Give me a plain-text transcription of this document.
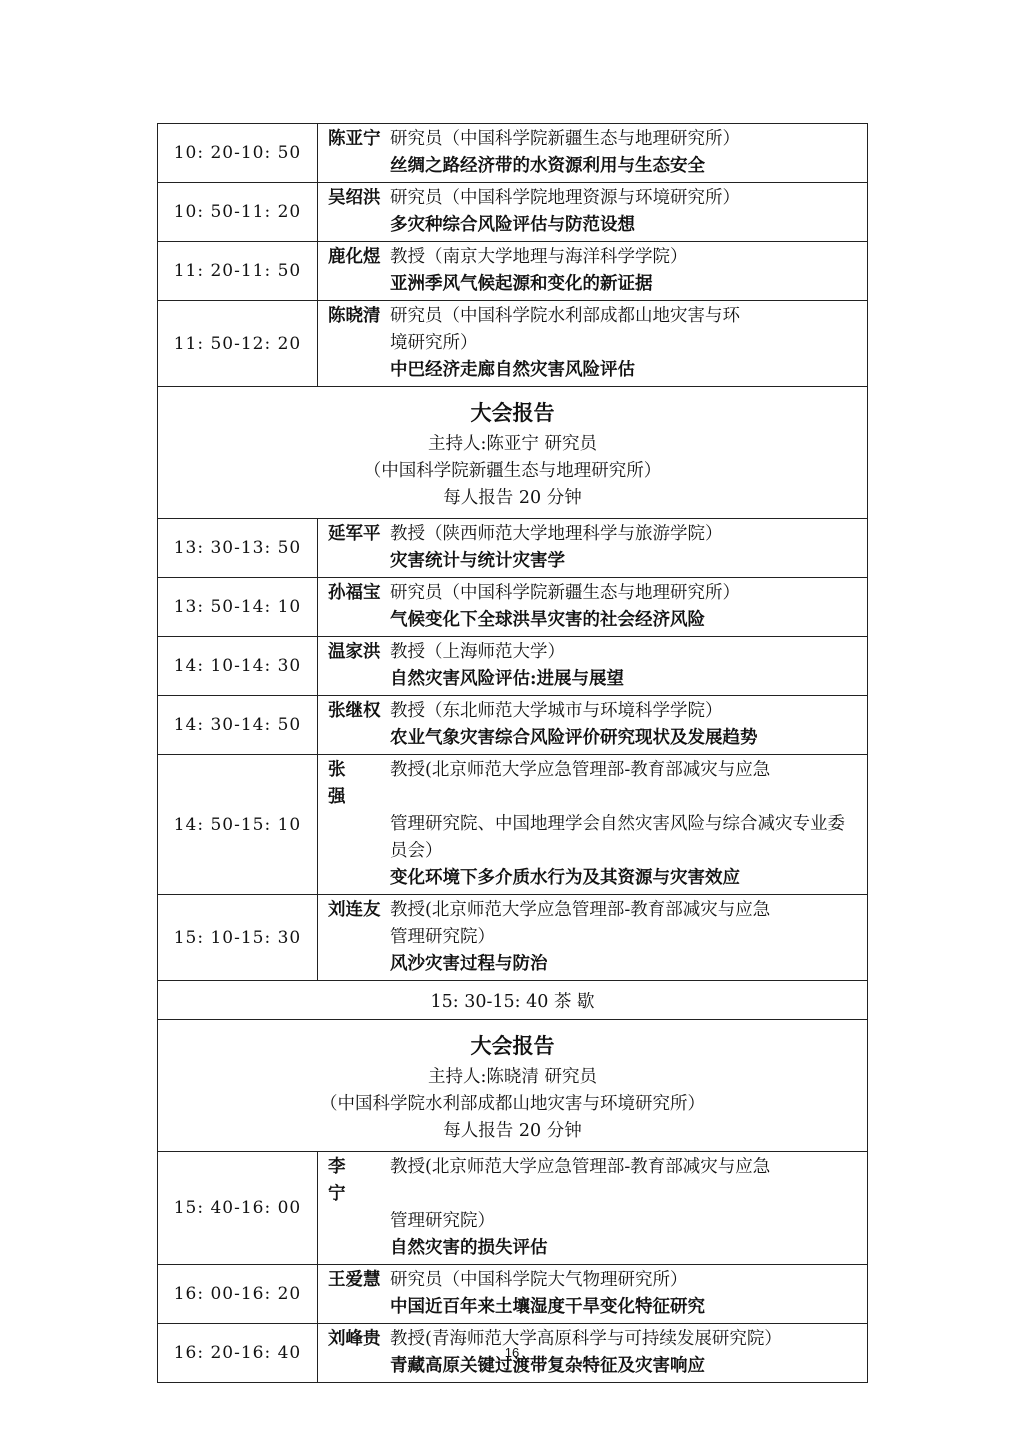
10: 20-10: 50	陈亚宁 研究员（中国科学院新疆生态与地理研究所）
丝绸之路经济带的水资源利用与生态安全

10: 50-11: 20	吴绍洪 研究员（中国科学院地理资源与环境研究所）
多灾种综合风险评估与防范设想

11: 20-11: 50	鹿化煜 教授（南京大学地理与海洋科学学院）
亚洲季风气候起源和变化的新证据

11: 50-12: 20	陈晓清 研究员（中国科学院水利部成都山地灾害与环
境研究所）
中巴经济走廊自然灾害风险评估

大会报告
主持人:陈亚宁 研究员
（中国科学院新疆生态与地理研究所）
每人报告 20 分钟	

13: 30-13: 50	延军平 教授（陕西师范大学地理科学与旅游学院）
灾害统计与统计灾害学

13: 50-14: 10	孙福宝 研究员（中国科学院新疆生态与地理研究所）
气候变化下全球洪旱灾害的社会经济风险

14: 10-14: 30	温家洪 教授（上海师范大学）
自然灾害风险评估:进展与展望

14: 30-14: 50	张继权 教授（东北师范大学城市与环境科学学院）
农业气象灾害综合风险评价研究现状及发展趋势

14: 50-15: 10	张 强
教授(北京师范大学应急管理部-教育部减灾与应急
管理研究院、中国地理学会自然灾害风险与综合减灾专业委员会）
变化环境下多介质水行为及其资源与灾害效应

15: 10-15: 30	刘连友 教授(北京师范大学应急管理部-教育部减灾与应急
管理研究院）
风沙灾害过程与防治

15: 30-15: 40 茶 歇	

大会报告
主持人:陈晓清 研究员
（中国科学院水利部成都山地灾害与环境研究所）
每人报告 20 分钟	

15: 40-16: 00	李 宁
教授(北京师范大学应急管理部-教育部减灾与应急
管理研究院）
自然灾害的损失评估

16: 00-16: 20	王爱慧 研究员（中国科学院大气物理研究所）
中国近百年来土壤湿度干旱变化特征研究

16: 20-16: 40	刘峰贵 教授(青海师范大学高原科学与可持续发展研究院）
青藏高原关键过渡带复杂特征及灾害响应
16
